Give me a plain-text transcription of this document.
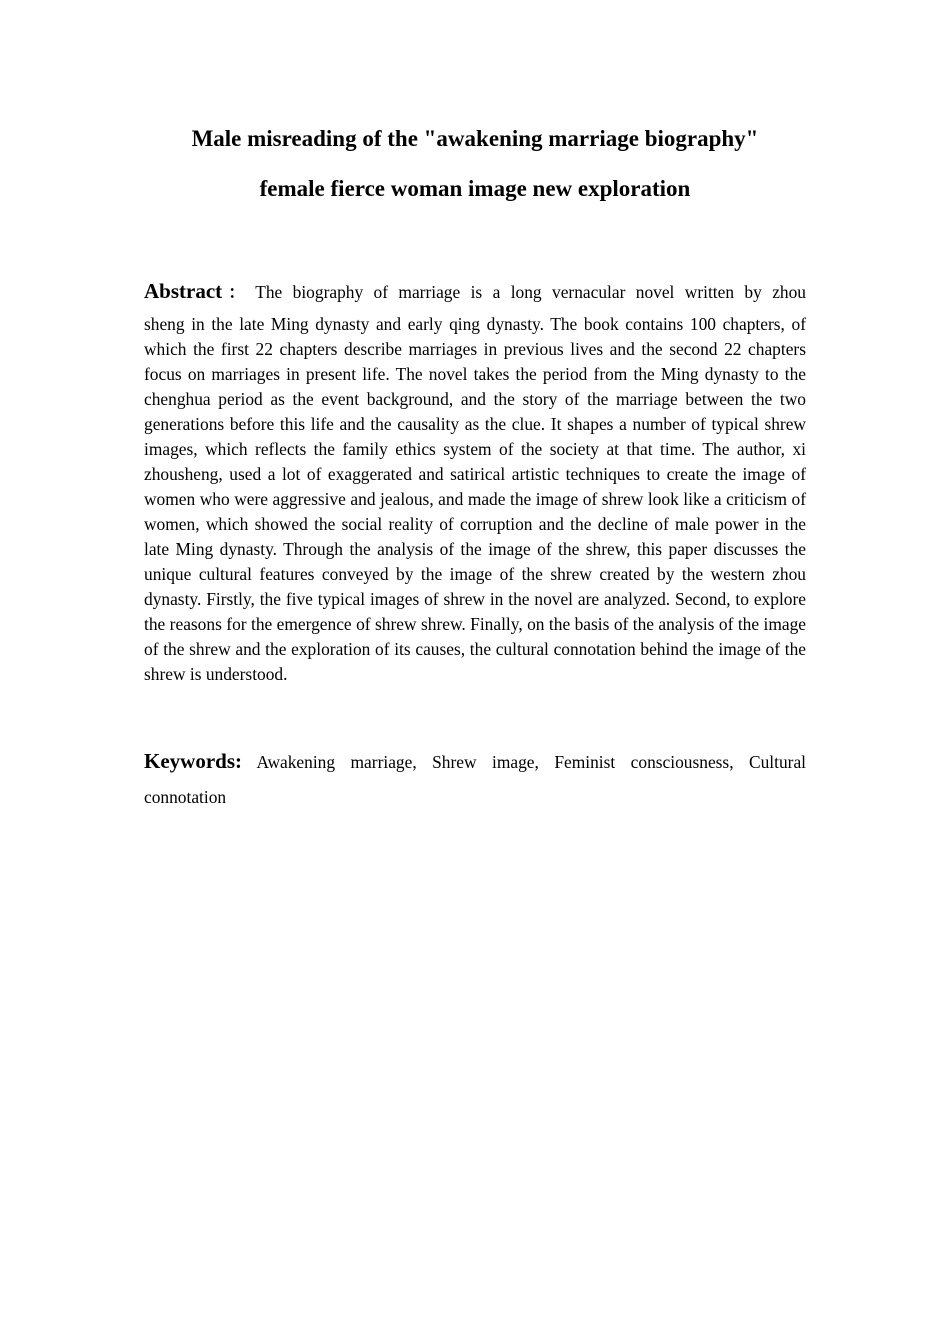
Male misreading of the "awakening marriage biography"
female fierce woman image new exploration
Abstract： The biography of marriage is a long vernacular novel written by zhou
sheng in the late Ming dynasty and early qing dynasty. The book contains 100 chapters, of which the first 22 chapters describe marriages in previous lives and the second 22 chapters focus on marriages in present life. The novel takes the period from the Ming dynasty to the chenghua period as the event background, and the story of the marriage between the two generations before this life and the causality as the clue. It shapes a number of typical shrew images, which reflects the family ethics system of the society at that time. The author, xi zhousheng, used a lot of exaggerated and satirical artistic techniques to create the image of women who were aggressive and jealous, and made the image of shrew look like a criticism of women, which showed the social reality of corruption and the decline of male power in the late Ming dynasty. Through the analysis of the image of the shrew, this paper discusses the unique cultural features conveyed by the image of the shrew created by the western zhou dynasty. Firstly, the five typical images of shrew in the novel are analyzed. Second, to explore the reasons for the emergence of shrew shrew. Finally, on the basis of the analysis of the image of the shrew and the exploration of its causes, the cultural connotation behind the image of the shrew is understood.
Keywords: Awakening marriage, Shrew image, Feminist consciousness, Cultural
connotation
